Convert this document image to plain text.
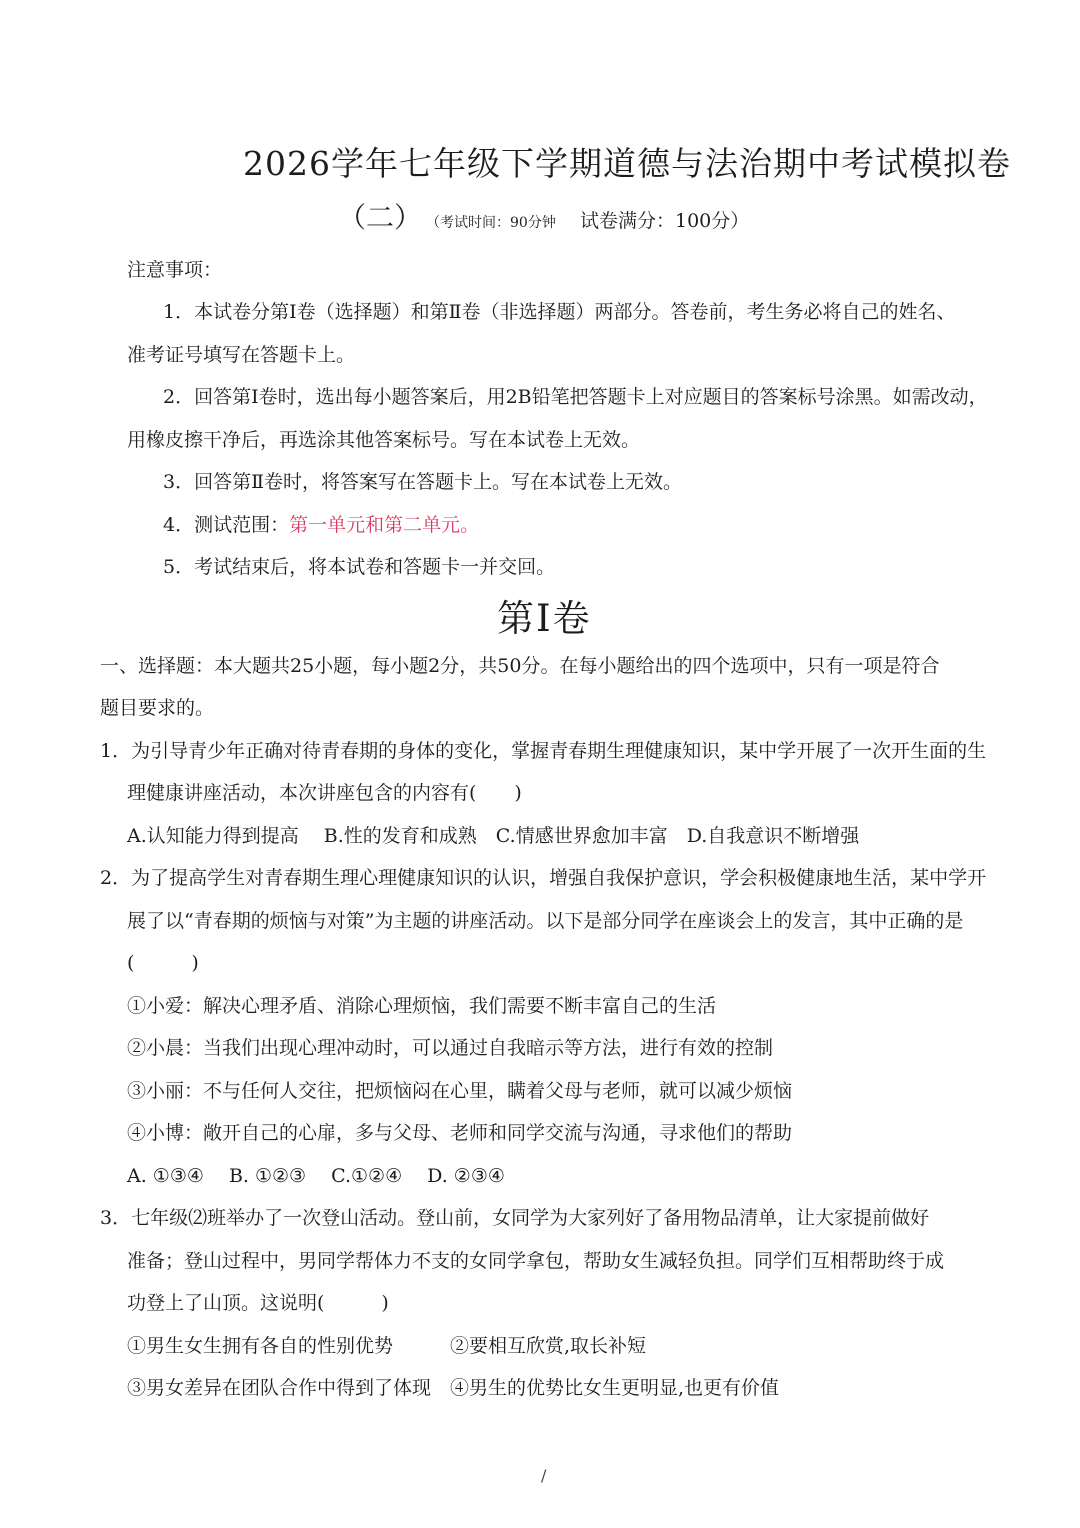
2026学年七年级下学期道德与法治期中考试模拟卷
（二） （考试时间：90分钟 试卷满分：100分）
注意事项：
1．本试卷分第Ⅰ卷（选择题）和第Ⅱ卷（非选择题）两部分。答卷前，考生务必将自己的姓名、
准考证号填写在答题卡上。
2．回答第Ⅰ卷时，选出每小题答案后，用2B铅笔把答题卡上对应题目的答案标号涂黑。如需改动，
用橡皮擦干净后，再选涂其他答案标号。写在本试卷上无效。
3．回答第Ⅱ卷时，将答案写在答题卡上。写在本试卷上无效。
4．测试范围：第一单元和第二单元。
5．考试结束后，将本试卷和答题卡一并交回。
第Ⅰ卷
一、选择题：本大题共25小题，每小题2分，共50分。在每小题给出的四个选项中，只有一项是符合
题目要求的。
1．为引导青少年正确对待青春期的身体的变化，掌握青春期生理健康知识，某中学开展了一次开生面的生
理健康讲座活动，本次讲座包含的内容有(　　)
A.认知能力得到提高　 B.性的发育和成熟　C.情感世界愈加丰富　D.自我意识不断增强
2．为了提高学生对青春期生理心理健康知识的认识，增强自我保护意识，学会积极健康地生活，某中学开
展了以“青春期的烦恼与对策”为主题的讲座活动。以下是部分同学在座谈会上的发言，其中正确的是
(　　　)
①小爱：解决心理矛盾、消除心理烦恼，我们需要不断丰富自己的生活
②小晨：当我们出现心理冲动时，可以通过自我暗示等方法，进行有效的控制
③小丽：不与任何人交往，把烦恼闷在心里，瞒着父母与老师，就可以减少烦恼
④小博：敞开自己的心扉，多与父母、老师和同学交流与沟通，寻求他们的帮助
A. ①③④　 B. ①②③　 C.①②④　 D. ②③④
3．七年级⑵班举办了一次登山活动。登山前，女同学为大家列好了备用物品清单，让大家提前做好
准备；登山过程中，男同学帮体力不支的女同学拿包，帮助女生减轻负担。同学们互相帮助终于成
功登上了山顶。这说明(　　　)
①男生女生拥有各自的性别优势　　　②要相互欣赏,取长补短
③男女差异在团队合作中得到了体现　④男生的优势比女生更明显,也更有价值
/
